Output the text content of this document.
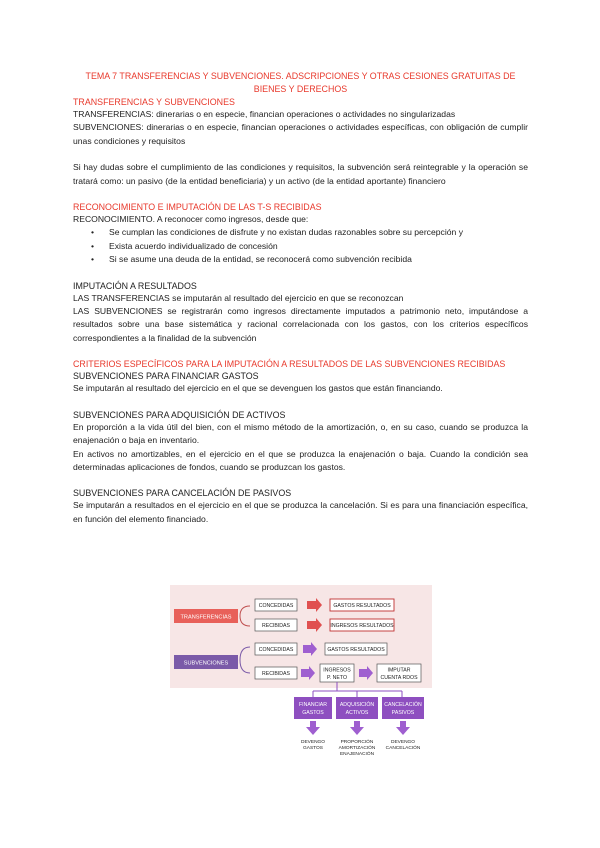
TEMA 7 TRANSFERENCIAS Y SUBVENCIONES. ADSCRIPCIONES Y OTRAS CESIONES GRATUITAS DE
BIENES Y DERECHOS
TRANSFERENCIAS Y SUBVENCIONES

TRANSFERENCIAS: dinerarias o en especie, financian operaciones o actividades no singularizadas

SUBVENCIONES: dinerarias o en especie, financian operaciones o actividades específicas, con obligación de cumplir unas condiciones y requisitos

Si hay dudas sobre el cumplimiento de las condiciones y requisitos, la subvención será reintegrable y la operación se tratará como: un pasivo (de la entidad beneficiaria) y un activo (de la entidad aportante) financiero

RECONOCIMIENTO E IMPUTACIÓN DE LAS T-S RECIBIDAS

RECONOCIMIENTO. A reconocer como ingresos, desde que:

• Se cumplan las condiciones de disfrute y no existan dudas razonables sobre su percepción y
• Exista acuerdo individualizado de concesión
• Si se asume una deuda de la entidad, se reconocerá como subvención recibida
IMPUTACIÓN A RESULTADOS

LAS TRANSFERENCIAS se imputarán al resultado del ejercicio en que se reconozcan

LAS SUBVENCIONES se registrarán como ingresos directamente imputados a patrimonio neto, imputándose a resultados sobre una base sistemática y racional correlacionada con los gastos, con los criterios específicos correspondientes a la finalidad de la subvención

CRITERIOS ESPECÍFICOS PARA LA IMPUTACIÓN A RESULTADOS DE LAS SUBVENCIONES RECIBIDAS
SUBVENCIONES PARA FINANCIAR GASTOS

Se imputarán al resultado del ejercicio en el que se devenguen los gastos que están financiando.

SUBVENCIONES PARA ADQUISICIÓN DE ACTIVOS

En proporción a la vida útil del bien, con el mismo método de la amortización, o, en su caso, cuando se produzca la enajenación o baja en inventario.

En activos no amortizables, en el ejercicio en el que se produzca la enajenación o baja. Cuando la condición sea determinadas aplicaciones de fondos, cuando se produzcan los gastos.

SUBVENCIONES PARA CANCELACIÓN DE PASIVOS

Se imputarán a resultados en el ejercicio en el que se produzca la cancelación. Si es para una financiación específica, en función del elemento financiado.

TRANSFERENCIAS
CONCEDIDAS
RECIBIDAS
GASTOS RESULTADOS
INGRESOS RESULTADOS
SUBVENCIONES
CONCEDIDAS
RECIBIDAS
GASTOS RESULTADOS
INGRESOS
P. NETO
IMPUTAR
CUENTA RDOS
FINANCIAR
GASTOS
ADQUISICIÓN
ACTIVOS
CANCELACIÓN
PASIVOS
DEVENGO
GASTOS
PROPORCIÓN
AMORTIZACIÓN
ENAJENACIÓN
DEVENGO
CANCELACIÓN
